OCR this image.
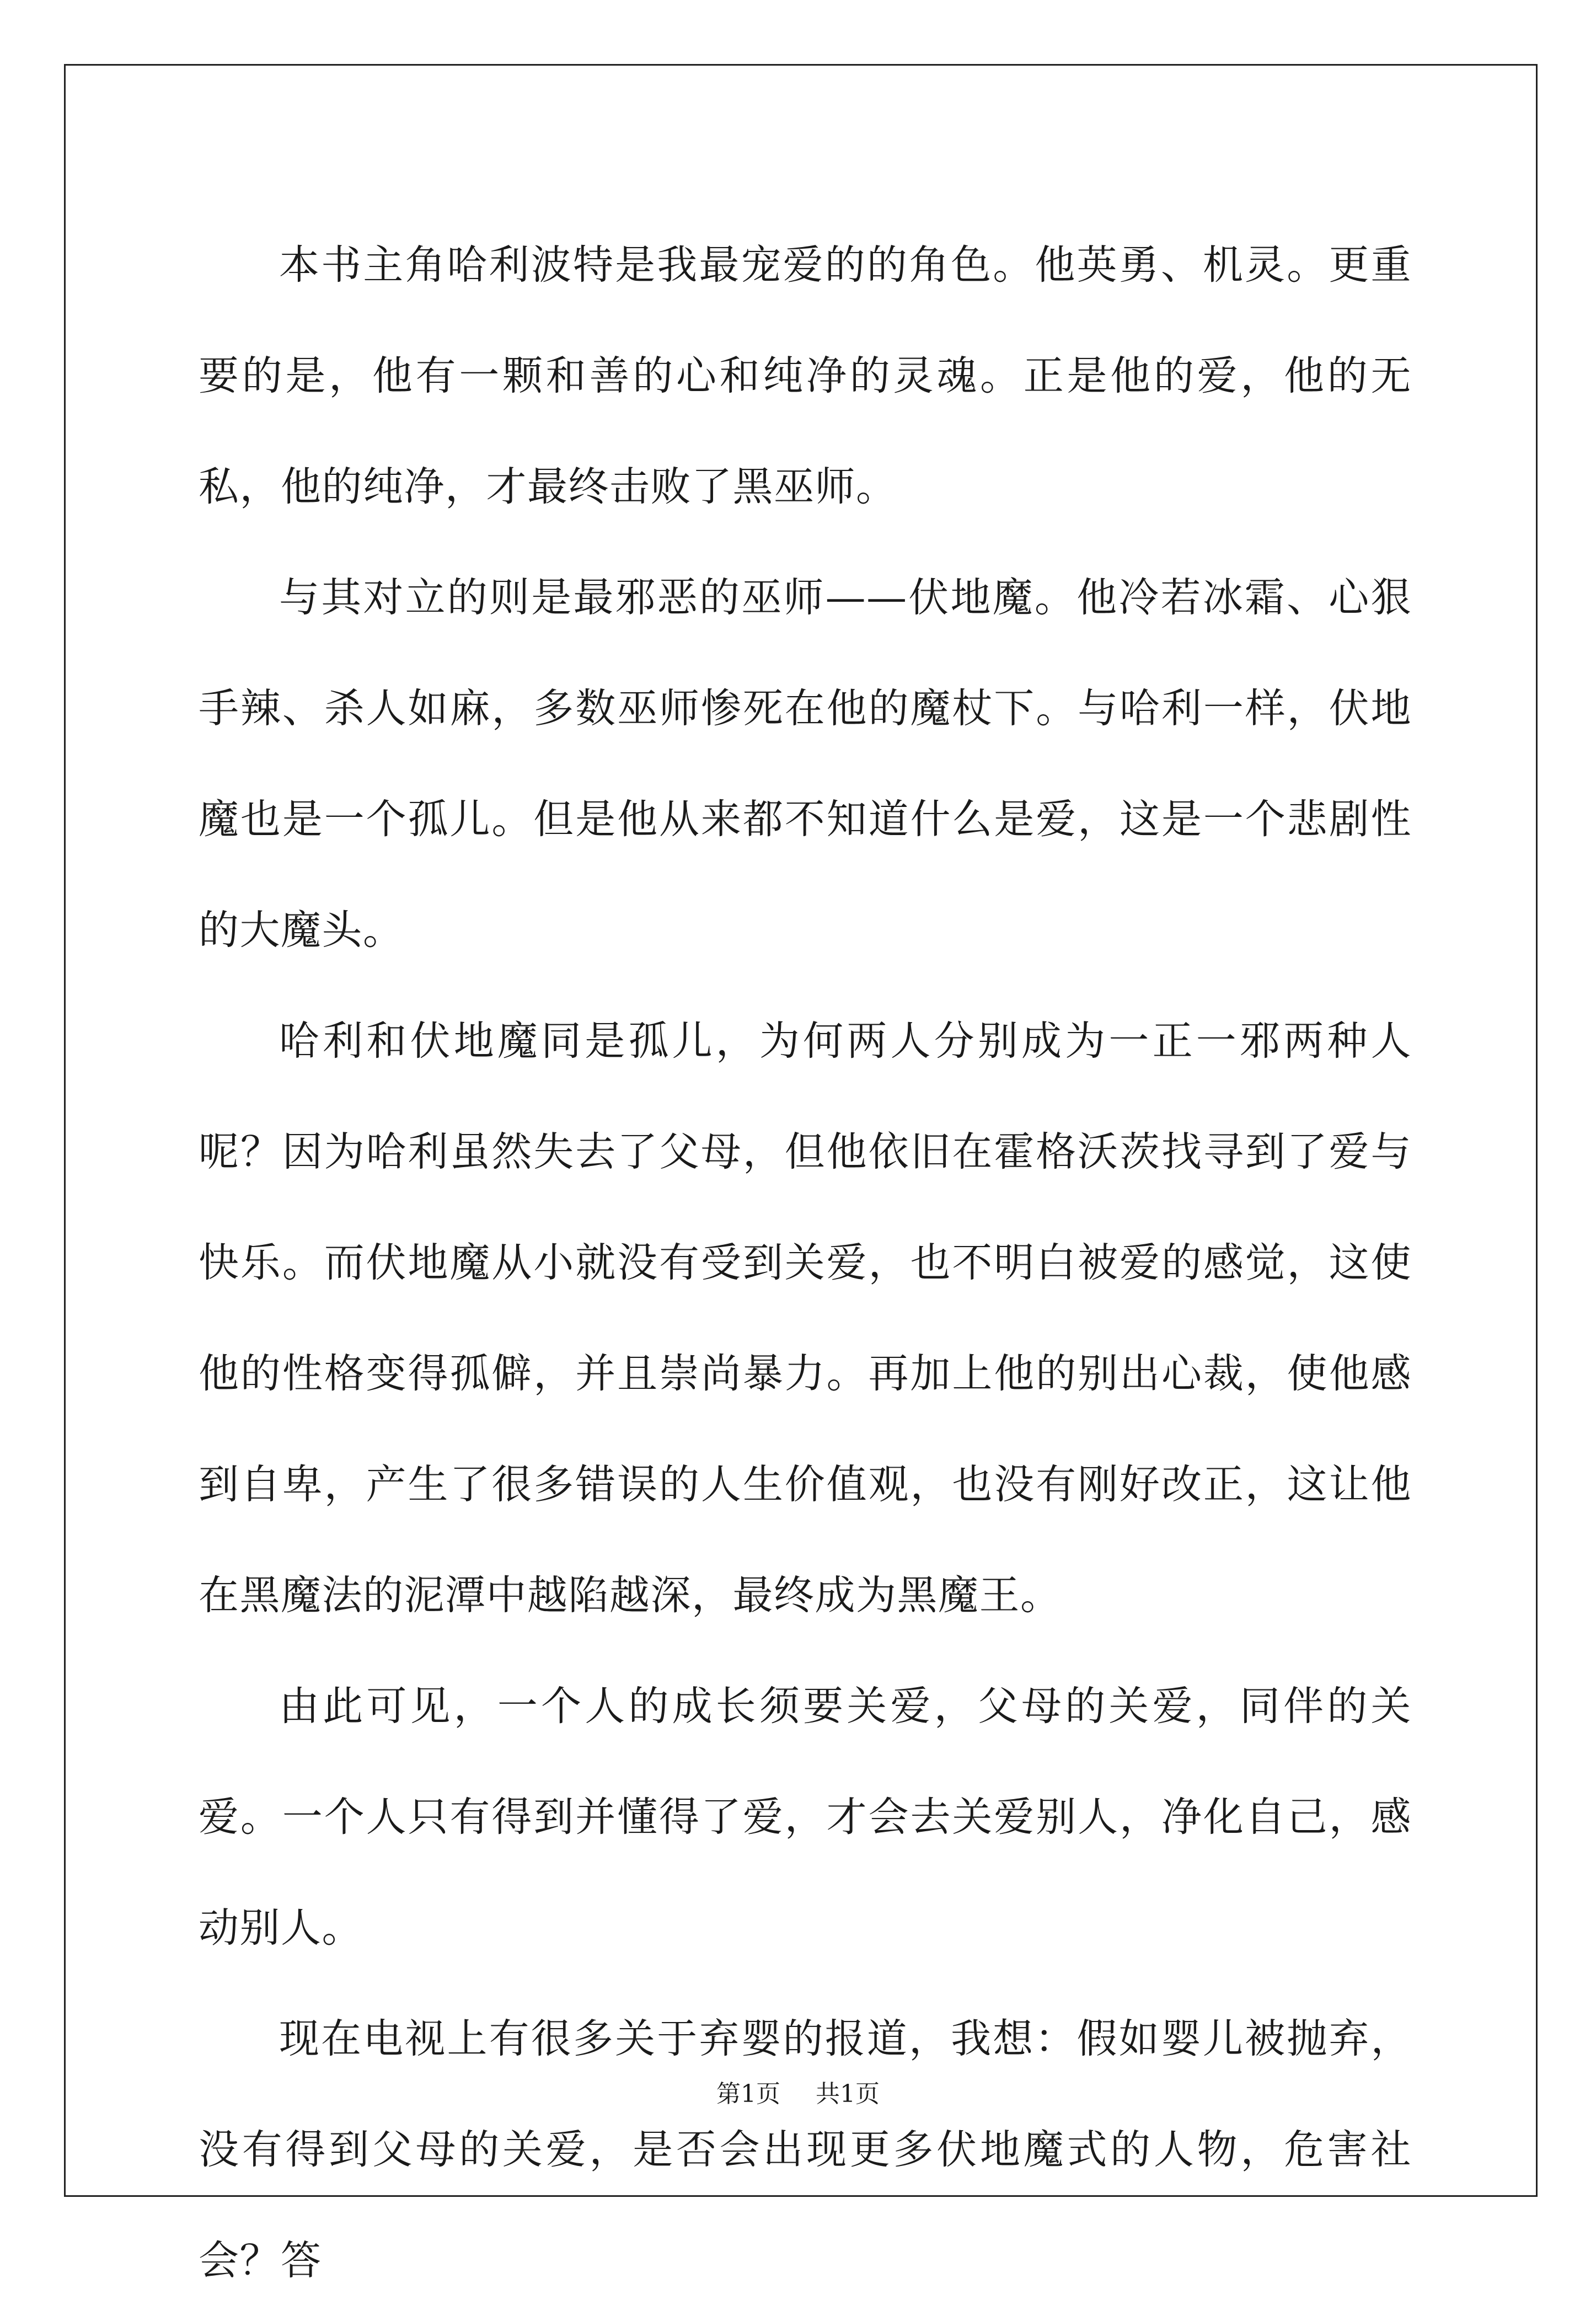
本书主角哈利波特是我最宠爱的的角色。他英勇、机灵。更重要的是，他有一颗和善的心和纯净的灵魂。正是他的爱，他的无私，他的纯净，才最终击败了黑巫师。

与其对立的则是最邪恶的巫师——伏地魔。他冷若冰霜、心狠手辣、杀人如麻，多数巫师惨死在他的魔杖下。与哈利一样，伏地魔也是一个孤儿。但是他从来都不知道什么是爱，这是一个悲剧性的大魔头。

哈利和伏地魔同是孤儿，为何两人分别成为一正一邪两种人呢？因为哈利虽然失去了父母，但他依旧在霍格沃茨找寻到了爱与快乐。而伏地魔从小就没有受到关爱，也不明白被爱的感觉，这使他的性格变得孤僻，并且崇尚暴力。再加上他的别出心裁，使他感到自卑，产生了很多错误的人生价值观，也没有刚好改正，这让他在黑魔法的泥潭中越陷越深，最终成为黑魔王。

由此可见，一个人的成长须要关爱，父母的关爱，同伴的关爱。一个人只有得到并懂得了爱，才会去关爱别人，净化自己，感动别人。

现在电视上有很多关于弃婴的报道，我想：假如婴儿被抛弃，没有得到父母的关爱，是否会出现更多伏地魔式的人物，危害社会？答

第1页 共1页
